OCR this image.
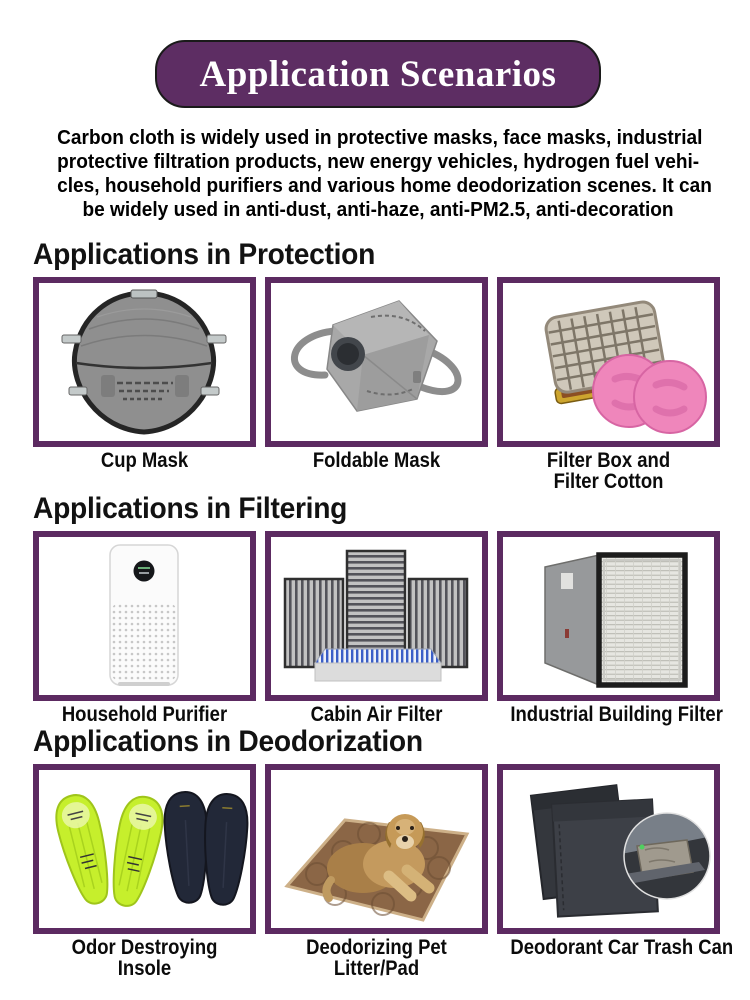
Application Scenarios
Carbon cloth is widely used in protective masks, face masks, industrial
protective filtration products, new energy vehicles, hydrogen fuel vehi-
cles, household purifiers and various home deodorization scenes. It can
be widely used in anti-dust, anti-haze, anti-PM2.5, anti-decoration
Applications in Protection
Cup Mask	Foldable Mask	Filter Box and
Filter Cotton
Applications in Filtering
Household Purifier	Cabin Air Filter	Industrial Building Filter
Applications in Deodorization
Odor Destroying
Insole
Deodorizing Pet
Litter/Pad
Deodorant Car Trash Can
